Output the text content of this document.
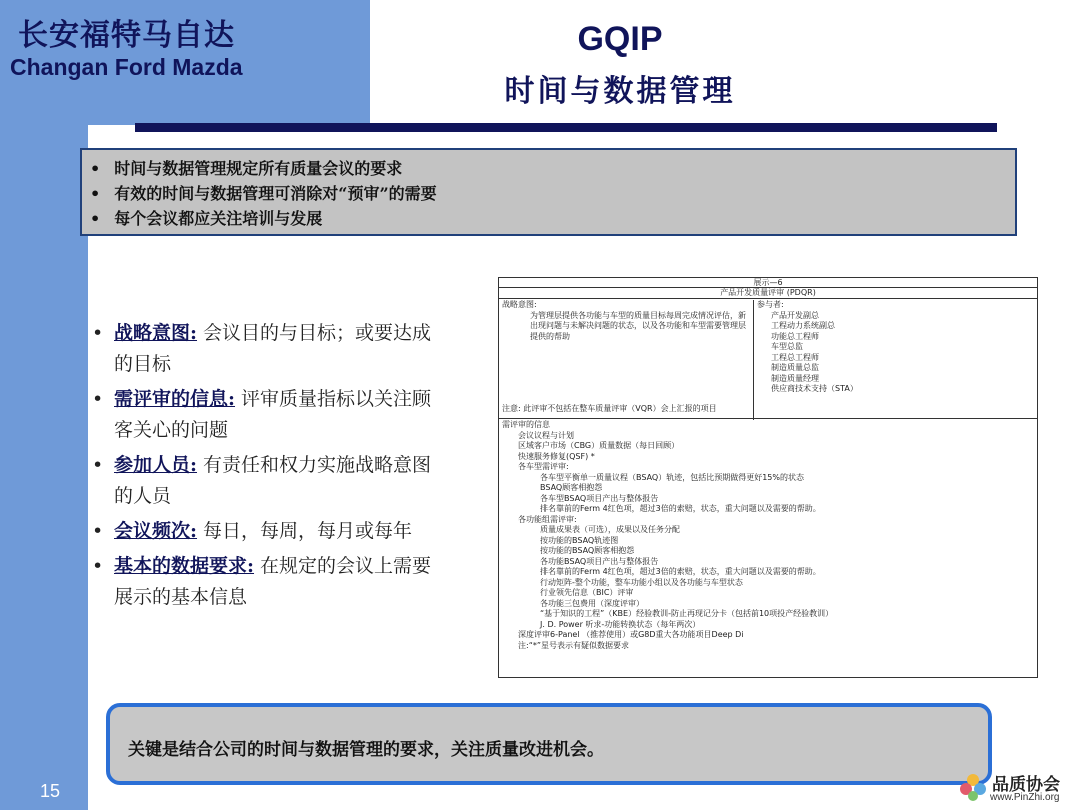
长安福特马自达
Changan Ford Mazda
GQIP
时间与数据管理
• 时间与数据管理规定所有质量会议的要求
• 有效的时间与数据管理可消除对“预审”的需要
• 每个会议都应关注培训与发展
• 战略意图: 会议目的与目标；或要达成的目标
• 需评审的信息: 评审质量指标以关注顾客关心的问题
• 参加人员: 有责任和权力实施战略意图的人员
• 会议频次: 每日，每周，每月或每年
• 基本的数据要求: 在规定的会议上需要展示的基本信息
展示—6
产品开发质量评审 (PDQR)
战略意图:
为管理层提供各功能与车型的质量目标每周完成情况评估，新出现问题与未解决问题的状态，以及各功能和车型需要管理层提供的帮助
参与者:
产品开发副总
工程动力系统副总
功能总工程师
车型总监
工程总工程师
制造质量总监
制造质量经理
供应商技术支持（STA）
注意: 此评审不包括在整车质量评审（VQR）会上汇报的项目
需评审的信息
会议议程与计划
区域客户市场（CBG）质量数据（每日回顾）
快速服务修复(QSF) *
各车型需评审:
各车型平衡单一质量议程（BSAQ）轨迹，包括比预期做得更好15%的状态
BSAQ顾客相抱怨
各车型BSAQ项目产出与整体报告
排名靠前的Ferm 4红色项，超过3倍的索赔，状态，重大问题以及需要的帮助。
各功能组需评审:
质量成果表（可选），成果以及任务分配
按功能的BSAQ轨迹图
按功能的BSAQ顾客相抱怨
各功能BSAQ项目产出与整体报告
排名靠前的Ferm 4红色项，超过3倍的索赔，状态，重大问题以及需要的帮助。
行动矩阵-整个功能，整车功能小组以及各功能与车型状态
行业领先信息（BIC）评审
各功能三包费用（深度评审）
“基于知识的工程”（KBE）经验教训-防止再现记分卡（包括前10项投产经验教训）
J. D. Power 听求-功能转换状态（每年两次）
深度评审6-Panel （推荐使用）或G8D重大各功能项目Deep Di
注:“*”星号表示有疑似数据要求
关键是结合公司的时间与数据管理的要求，关注质量改进机会。
15	品质协会
www.PinZhi.org
